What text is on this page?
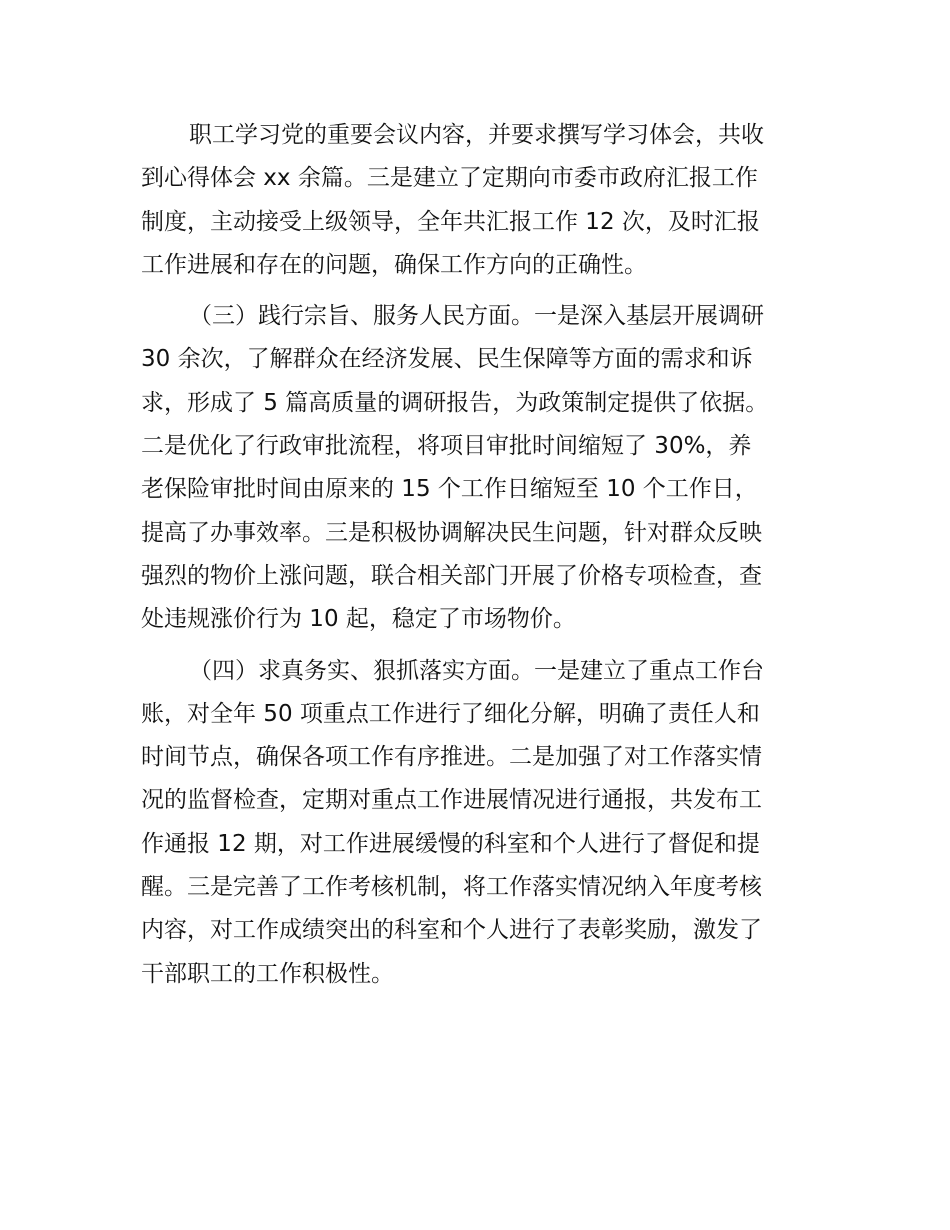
职工学习党的重要会议内容，并要求撰写学习体会，共收
到心得体会 xx 余篇。三是建立了定期向市委市政府汇报工作
制度，主动接受上级领导，全年共汇报工作 12 次，及时汇报
工作进展和存在的问题，确保工作方向的正确性。
（三）践行宗旨、服务人民方面。一是深入基层开展调研
30 余次，了解群众在经济发展、民生保障等方面的需求和诉
求，形成了 5 篇高质量的调研报告，为政策制定提供了依据。
二是优化了行政审批流程，将项目审批时间缩短了 30%，养
老保险审批时间由原来的 15 个工作日缩短至 10 个工作日，
提高了办事效率。三是积极协调解决民生问题，针对群众反映
强烈的物价上涨问题，联合相关部门开展了价格专项检查，查
处违规涨价行为 10 起，稳定了市场物价。
（四）求真务实、狠抓落实方面。一是建立了重点工作台
账，对全年 50 项重点工作进行了细化分解，明确了责任人和
时间节点，确保各项工作有序推进。二是加强了对工作落实情
况的监督检查，定期对重点工作进展情况进行通报，共发布工
作通报 12 期，对工作进展缓慢的科室和个人进行了督促和提
醒。三是完善了工作考核机制，将工作落实情况纳入年度考核
内容，对工作成绩突出的科室和个人进行了表彰奖励，激发了
干部职工的工作积极性。
